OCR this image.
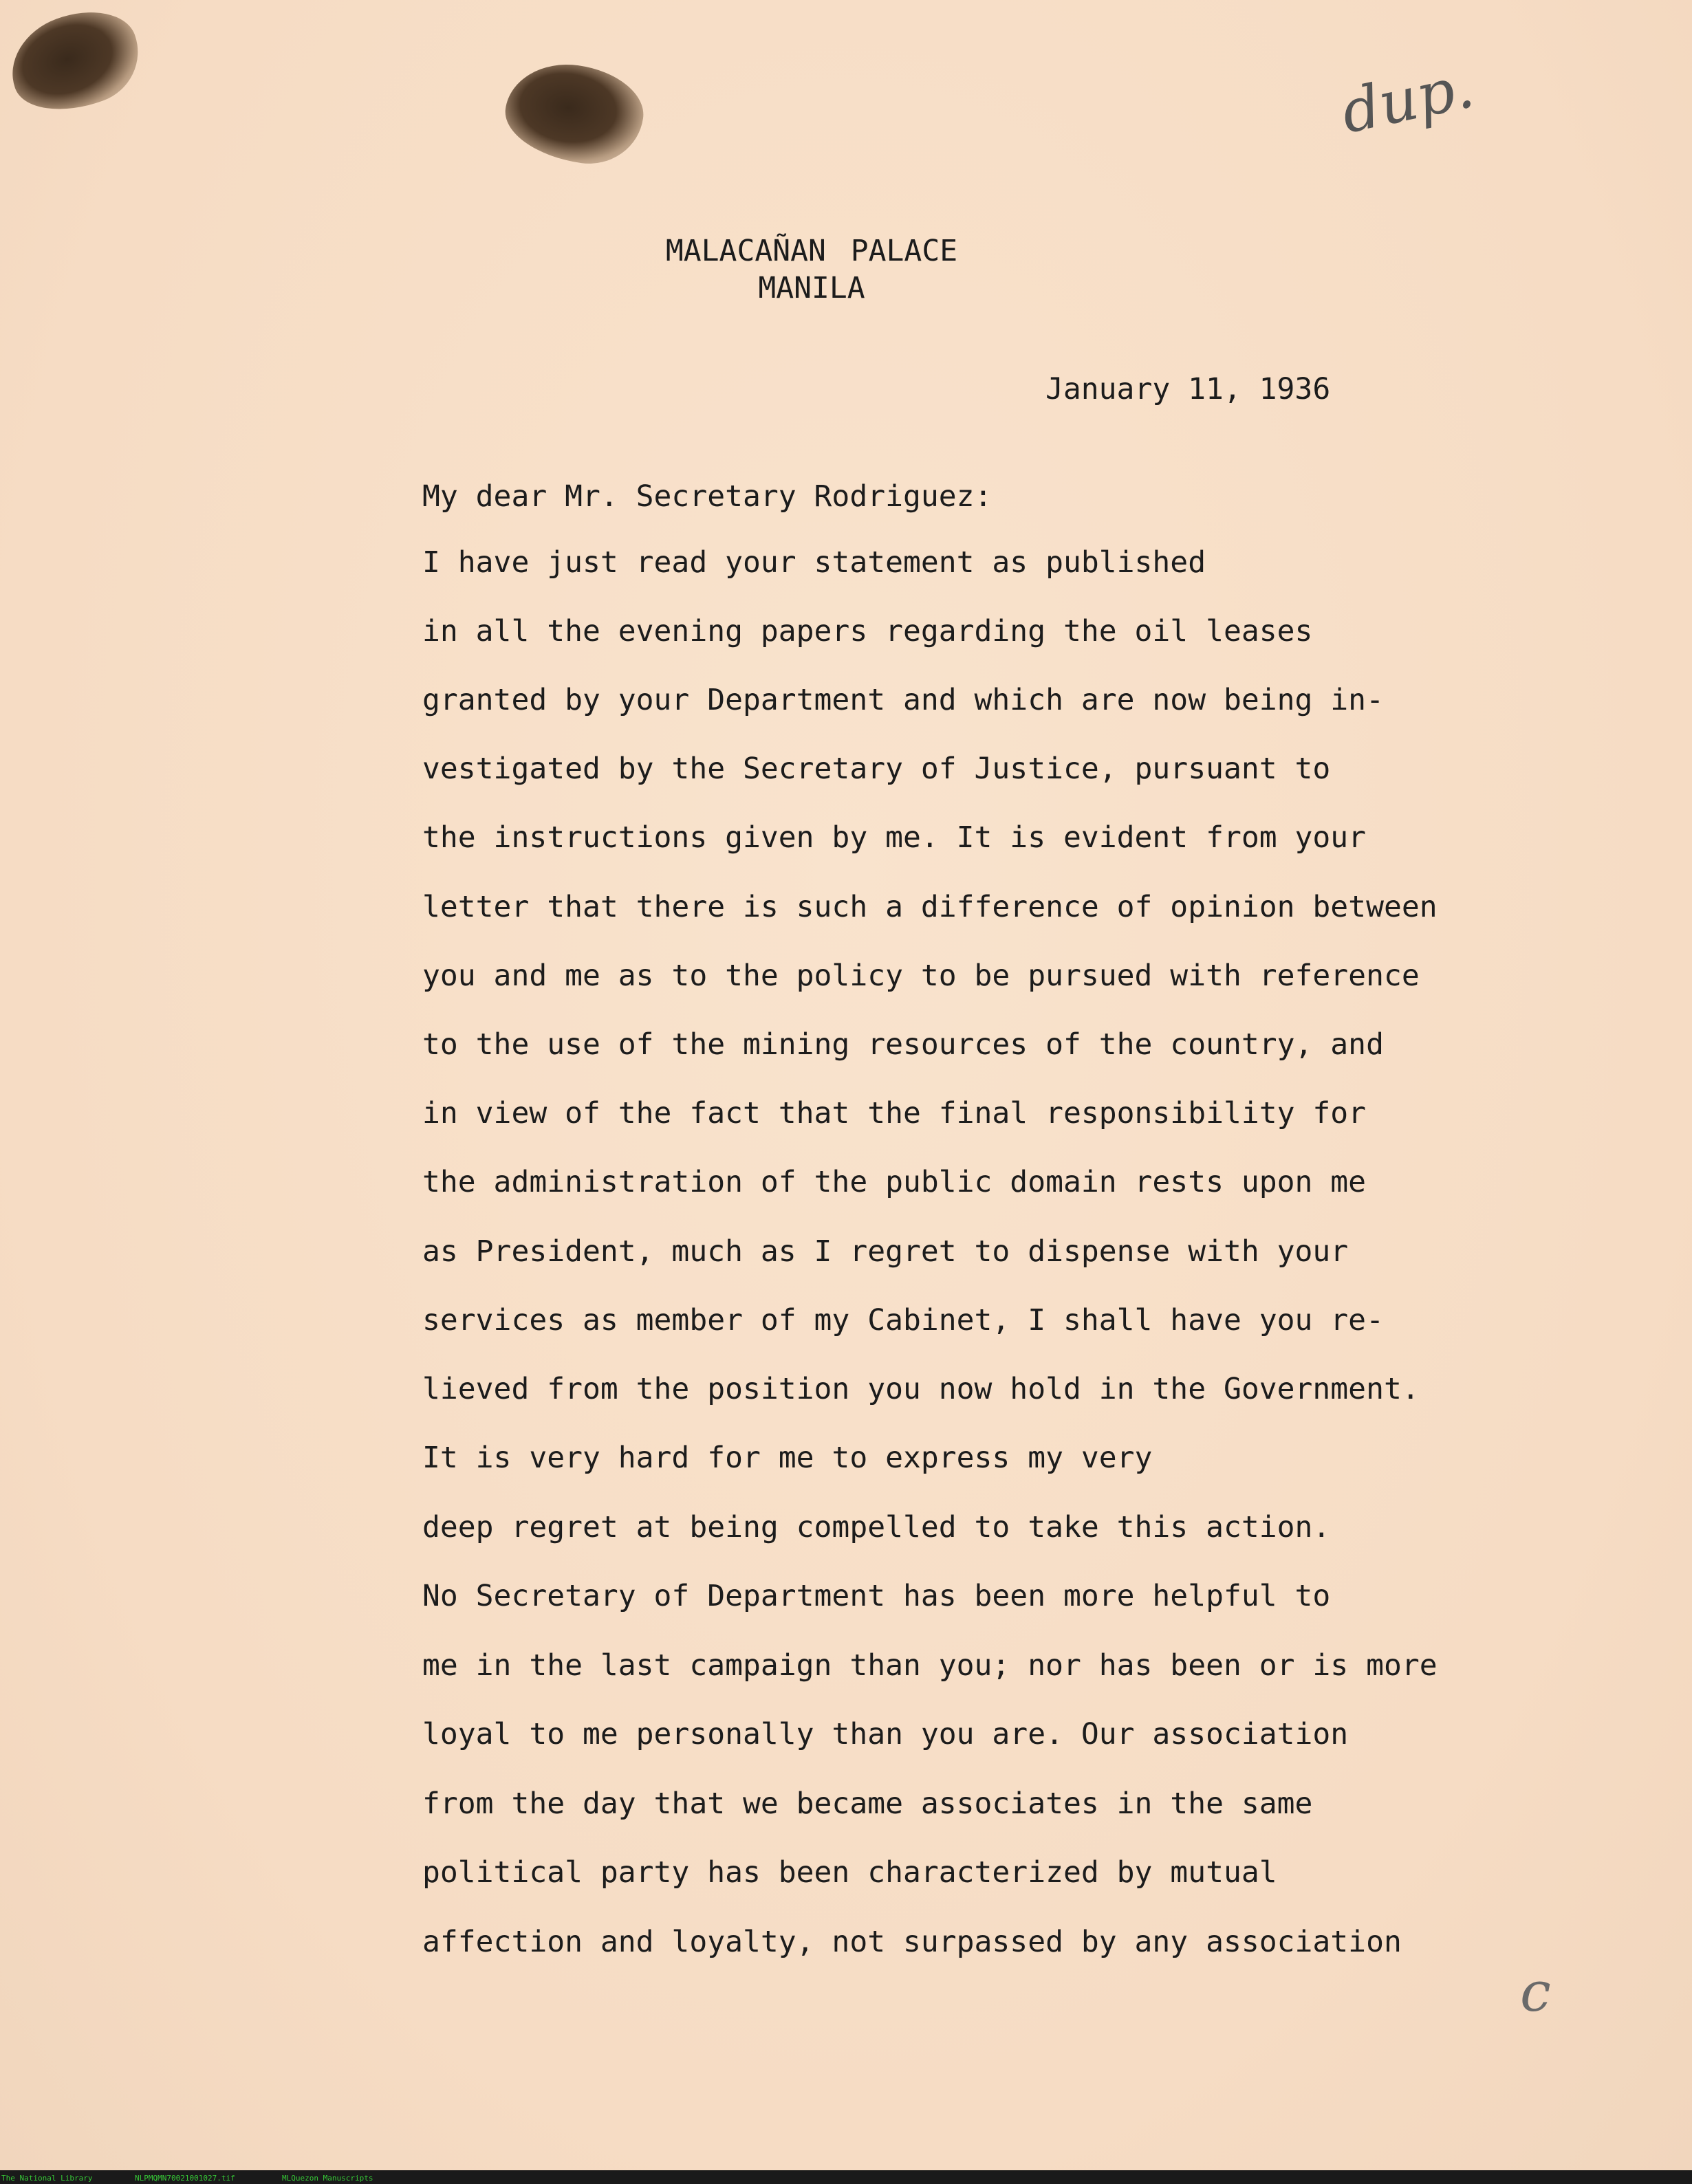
dup.
MALACAÑAN PALACE
MANILA
January 11, 1936
My dear Mr. Secretary Rodriguez:
I have just read your statement as published
in all the evening papers regarding the oil leases
granted by your Department and which are now being in-
vestigated by the Secretary of Justice, pursuant to
the instructions given by me. It is evident from your
letter that there is such a difference of opinion between
you and me as to the policy to be pursued with reference
to the use of the mining resources of the country, and
in view of the fact that the final responsibility for
the administration of the public domain rests upon me
as President, much as I regret to dispense with your
services as member of my Cabinet, I shall have you re-
lieved from the position you now hold in the Government.
It is very hard for me to express my very
deep regret at being compelled to take this action.
No Secretary of Department has been more helpful to
me in the last campaign than you; nor has been or is more
loyal to me personally than you are. Our association
from the day that we became associates in the same
political party has been characterized by mutual
affection and loyalty, not surpassed by any association
c
The National Library	NLPMQMN70021001027.tif	MLQuezon Manuscripts
